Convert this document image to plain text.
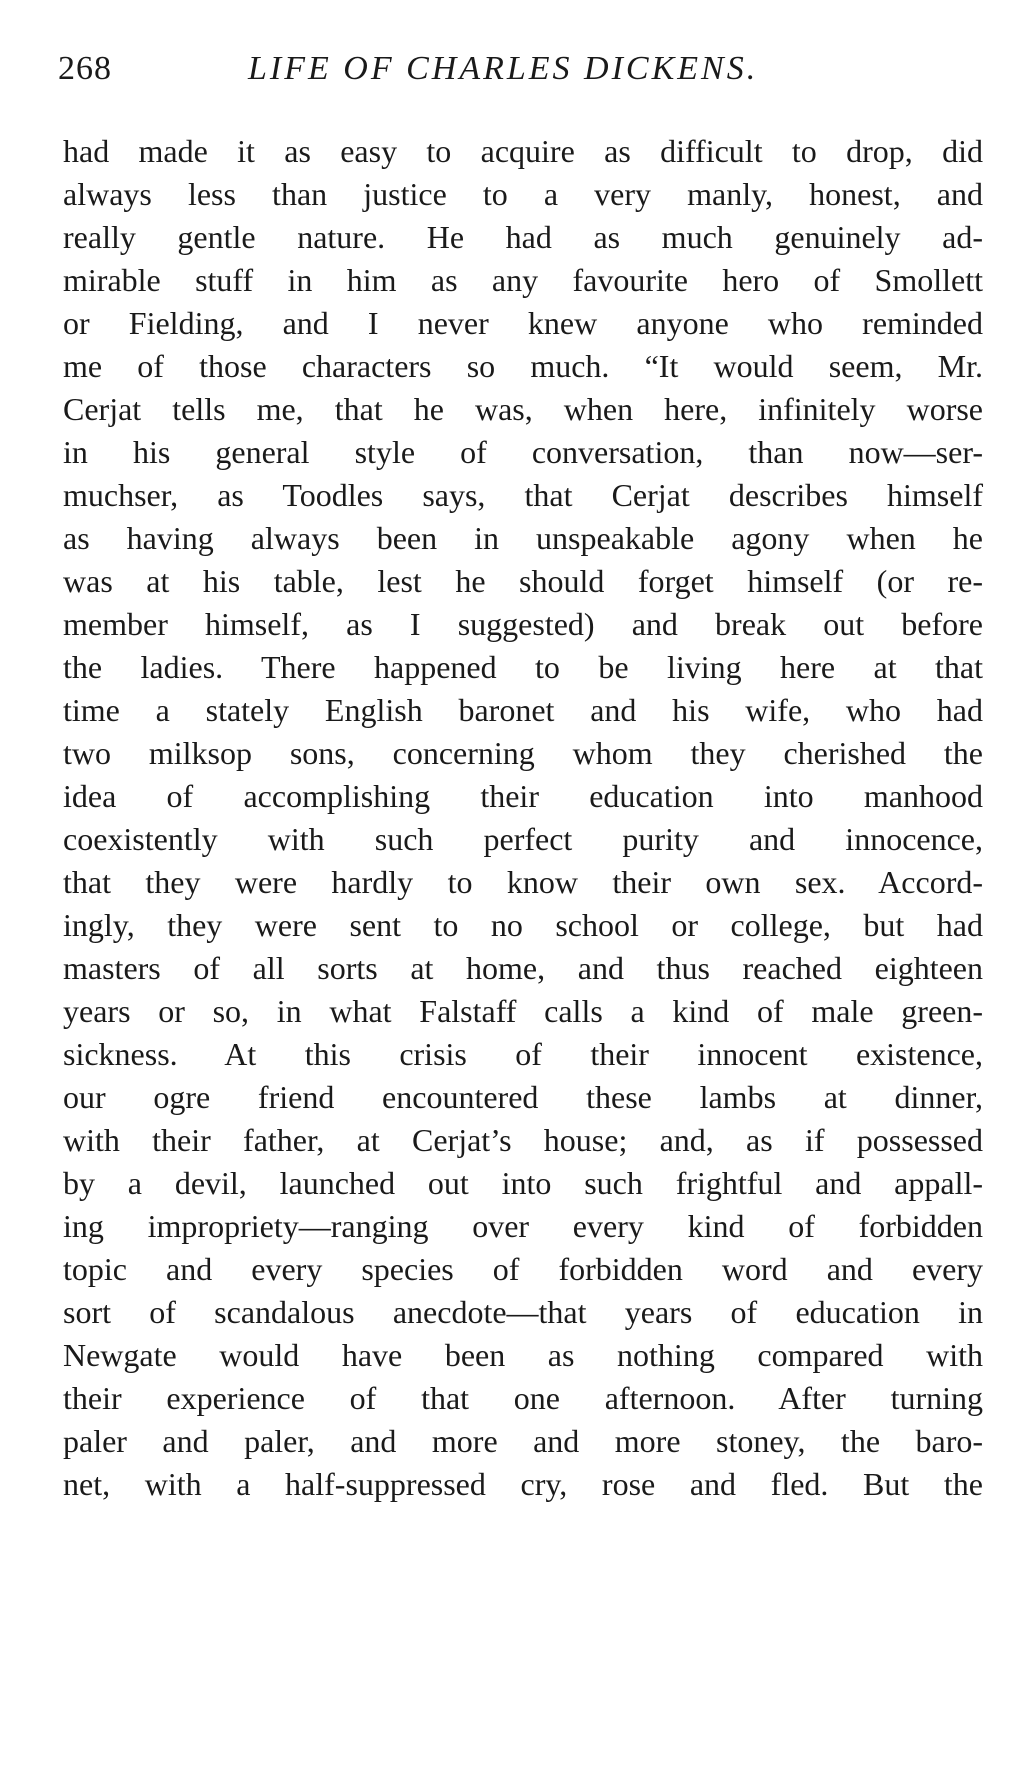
268	LIFE OF CHARLES DICKENS.
had made it as easy to acquire as difficult to drop, did
always less than justice to a very manly, honest, and
really gentle nature. He had as much genuinely ad-
mirable stuff in him as any favourite hero of Smollett
or Fielding, and I never knew anyone who reminded
me of those characters so much. “It would seem, Mr.
Cerjat tells me, that he was, when here, infinitely worse
in his general style of conversation, than now—ser-
muchser, as Toodles says, that Cerjat describes himself
as having always been in unspeakable agony when he
was at his table, lest he should forget himself (or re-
member himself, as I suggested) and break out before
the ladies. There happened to be living here at that
time a stately English baronet and his wife, who had
two milksop sons, concerning whom they cherished the
idea of accomplishing their education into manhood
coexistently with such perfect purity and innocence,
that they were hardly to know their own sex. Accord-
ingly, they were sent to no school or college, but had
masters of all sorts at home, and thus reached eighteen
years or so, in what Falstaff calls a kind of male green-
sickness. At this crisis of their innocent existence,
our ogre friend encountered these lambs at dinner,
with their father, at Cerjat’s house; and, as if possessed
by a devil, launched out into such frightful and appall-
ing impropriety—ranging over every kind of forbidden
topic and every species of forbidden word and every
sort of scandalous anecdote—that years of education in
Newgate would have been as nothing compared with
their experience of that one afternoon. After turning
paler and paler, and more and more stoney, the baro-
net, with a half-suppressed cry, rose and fled. But the
